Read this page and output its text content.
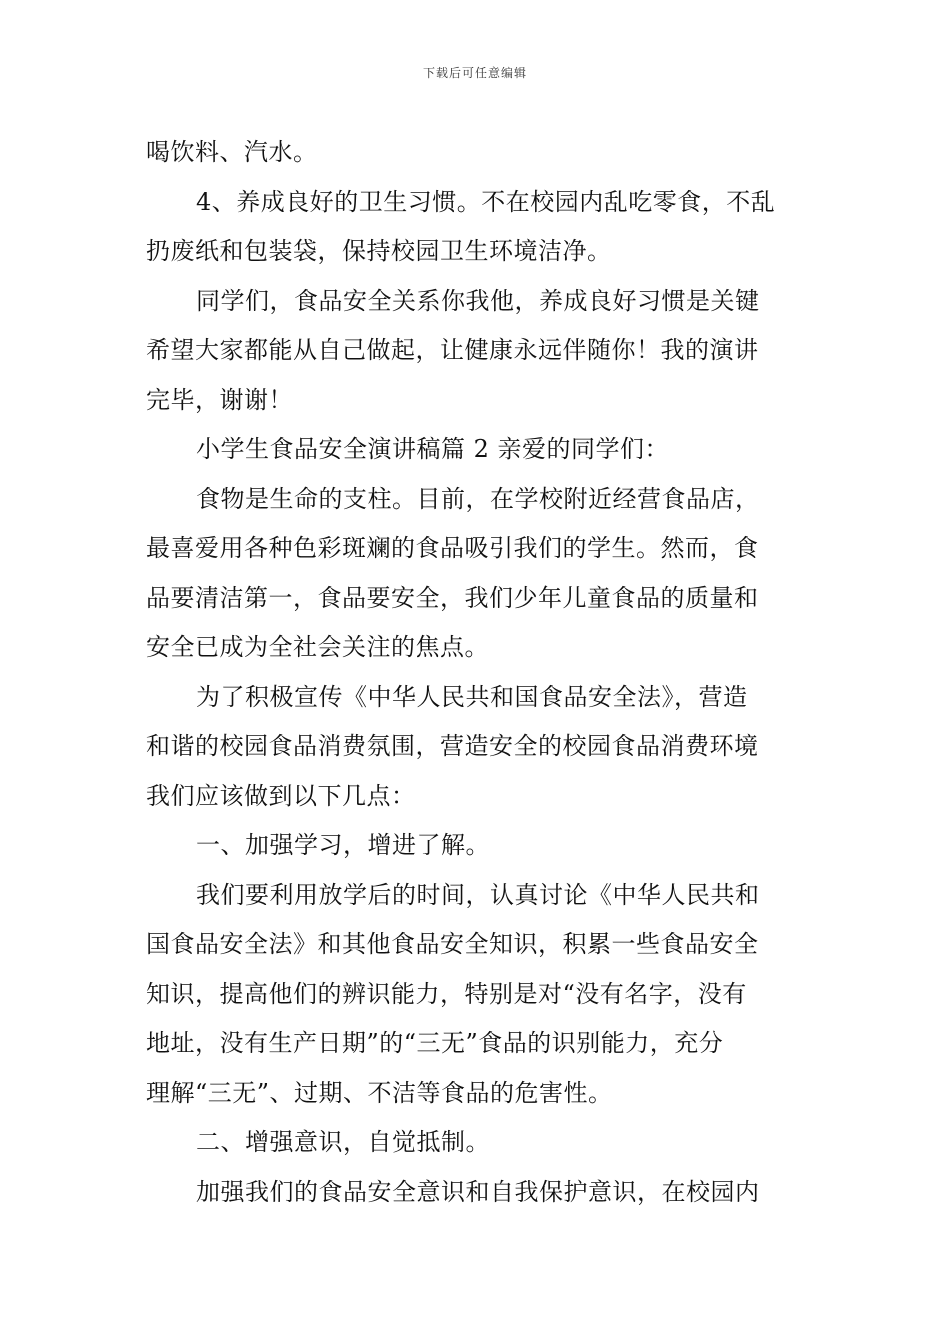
下载后可任意编辑
喝饮料、汽水。
4、养成良好的卫生习惯。不在校园内乱吃零食，不乱
扔废纸和包装袋，保持校园卫生环境洁净。
同学们，食品安全关系你我他，养成良好习惯是关键
希望大家都能从自己做起，让健康永远伴随你！我的演讲
完毕，谢谢！
小学生食品安全演讲稿篇 2 亲爱的同学们：
食物是生命的支柱。目前，在学校附近经营食品店，
最喜爱用各种色彩斑斓的食品吸引我们的学生。然而，食
品要清洁第一，食品要安全，我们少年儿童食品的质量和
安全已成为全社会关注的焦点。
为了积极宣传《中华人民共和国食品安全法》，营造
和谐的校园食品消费氛围，营造安全的校园食品消费环境
我们应该做到以下几点：
一、加强学习，增进了解。
我们要利用放学后的时间，认真讨论《中华人民共和
国食品安全法》和其他食品安全知识，积累一些食品安全
知识，提高他们的辨识能力，特别是对“没有名字，没有
地址，没有生产日期”的“三无”食品的识别能力，充分
理解“三无”、过期、不洁等食品的危害性。
二、增强意识，自觉抵制。
加强我们的食品安全意识和自我保护意识，在校园内
